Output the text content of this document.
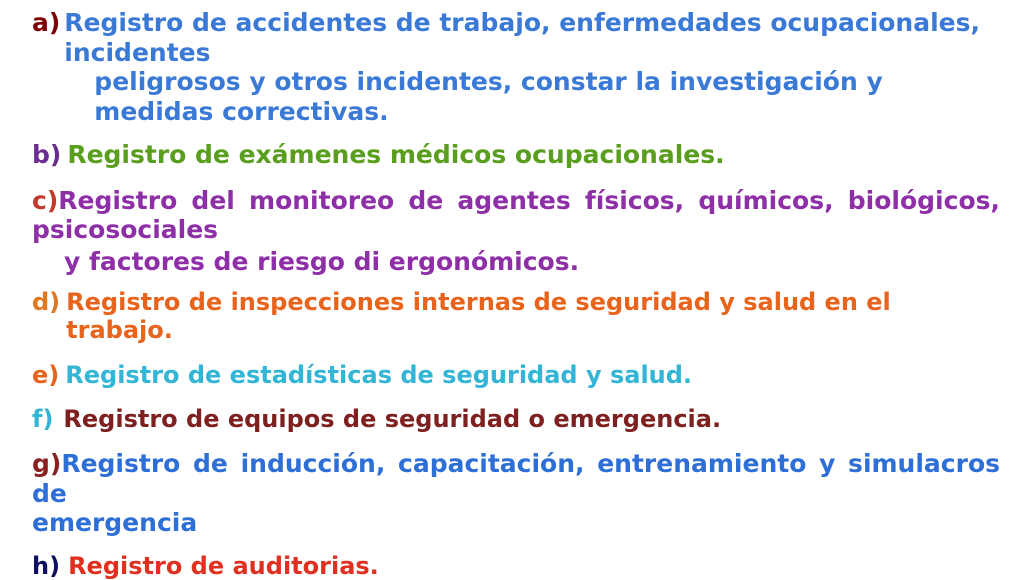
a) Registro de accidentes de trabajo, enfermedades ocupacionales, incidentes
peligrosos y otros incidentes, constar la investigación y medidas correctivas.
b) Registro de exámenes médicos ocupacionales.
c)Registro del monitoreo de agentes físicos, químicos, biológicos, psicosociales
y factores de riesgo di ergonómicos.
d) Registro de inspecciones internas de seguridad y salud en el trabajo.
e) Registro de estadísticas de seguridad y salud.
f) Registro de equipos de seguridad o emergencia.
g)Registro de inducción, capacitación, entrenamiento y simulacros de
emergencia
h) Registro de auditorias.
